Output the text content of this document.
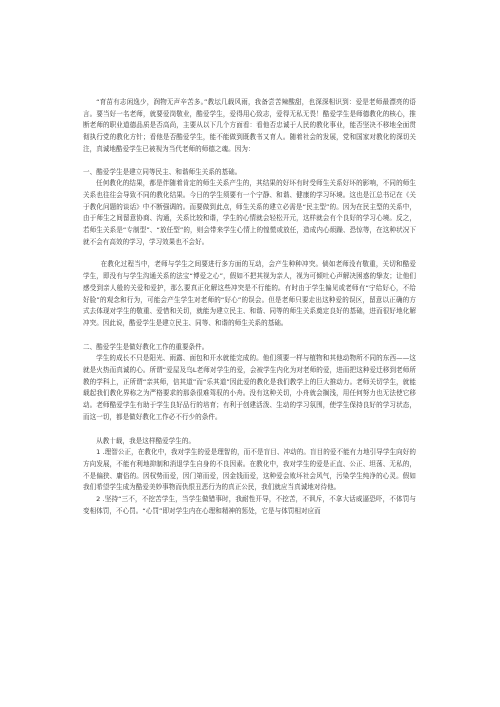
“育苗有志闲逸少，润物无声辛苦多。”教坛几载风雨，我备尝苦辣酸甜，也深深相识到：爱是老师最漂亮的语言。要当好一名老师，就要爱岗敬业，酷爱学生，爱得用心致志，爱得无私无畏！酷爱学生是师德教化的核心，推断老师的职业道德品质是否高尚，主要从以下几个方面看：看他否忠诚于人民的教化事业，能否坚决不移地全面贯彻执行党的教化方针；看他是否酷爱学生，能不能做到既教书又育人。随着社会的发展，党和国家对教化的深切关注，真诚地酷爱学生已被视为当代老师的师德之魂。因为：

一、酷爱学生是建立同等民主、和谐师生关系的基础。

任何教化的结果，都是伴随着肯定的师生关系产生的，其结果的好坏有时受师生关系好坏的影响，不同的师生关系也往往会导致不同的教化结果。今日的学生须要有一个宁静、和谐、健康的学习环境。这也是江总书记在《关于教化问题的谈话》中不断强调的。而要做到此点，师生关系的建立必需是“民主型”的。因为在民主型的关系中，由于师生之间留意协商、沟通，关系比较和谐，学生的心情就会轻松开元，这样就会有个良好的学习心境。反之，若师生关系是“专制型”、“放任型”的，则会带来学生心情上的惶慌或放任，造成内心烦躁、恐惊等，在这种状况下就不会有高效的学习，学习效果也不会好。

在教化过程当中，老师与学生之间要进行多方面的互动，会产生种种冲突。倘如老师没有敬重，关切和酷爱学生，即没有与学生沟通关系的法宝“博爱之心”，假如不把其视为亲人，视为可倾吐心声解决困惑的挚友；让他们感受到亲人般的关爱和爱护，那么要真正化解这些冲突是不行能的。有时由于学生偏见或老师有“宁给好心，不给好脸”的观念和行为，可能会产生学生对老师的“好心”的误会。但是老师只要走出这种爱的误区，留意以正确的方式去体现对学生的敬重、爱惜和关切，就能为建立民主、和谐、同等的师生关系奠定良好的基础，进而很好地化解冲突。因此说，酷爱学生是建立民主、同等、和谐的师生关系的基础。

二、酷爱学生是做好教化工作的重要条件。

学生的成长不只是阳光、雨露、面包和开水就能完成的。他们须要一样与植物和其他动物所不同的东西——这就是火热而真诚的心。所谓“爱屋及乌L老师对学生的爱，会被学生内化为对老师的爱，进而把这种爱迁移到老师所教的学科上，正所谓“亲其师，信其道”而“乐其道”因此爱的教化是我们教学上的巨大推动力。老师关切学生，就能载起我们教化界称之为严格要求的那条很难驾驭的小舟。没有这种关切，小舟就会搁浅，用任何努力也无法使它移动。老师酷爱学生有助于学生良好品行的培育；有利于创建活泼、生动的学习氛围，使学生保持良好的学习状态，而这一切，都是做好教化工作必不行少的条件。

从教十载，我是这样酷爱学生的。

1 .理智公正，在教化中，我对学生的爱是理智的，而不是盲目、冲动的。盲目的爱不能有力地引导学生向好的方向发展，不能有利地抑制和消退学生自身的不良因素。在教化中，我对学生的爱是正直、公正、坦荡、无私的，不是偏狭、庸俗的。因权势而爱，因门第而爱，因金钱而爱，这种爱会败坏社会风气，污染学生纯净的心灵。假如我们希望学生成为酷爱美妙事物而仇恨丑恶行为的真正公民，我们就应当真诚地对待他。

2 .坚持“三不，不挖苦学生，当学生做错事时，我耐性开导，不挖苦，不讽斥，不拿大话威逼恐吓，不体罚与变相体罚，不心罚。“心罚”即对学生内在心理和精神的惩处，它是与体罚相对应而
